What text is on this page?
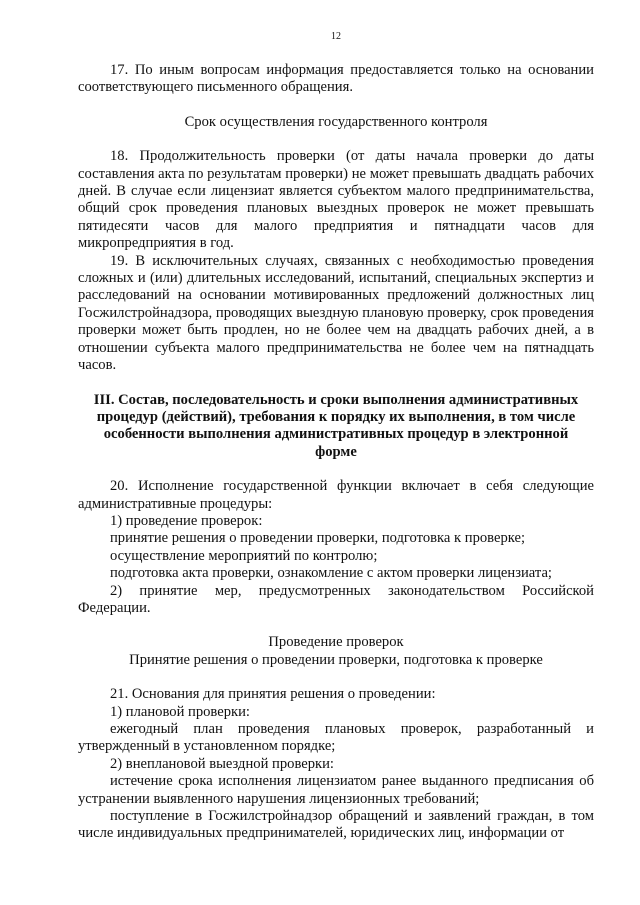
12

17. По иным вопросам информация предоставляется только на основании соответствующего письменного обращения.

Срок осуществления государственного контроля

18. Продолжительность проверки (от даты начала проверки до даты составления акта по результатам проверки) не может превышать двадцать рабочих дней. В случае если лицензиат является субъектом малого предпринимательства, общий срок проведения плановых выездных проверок не может превышать пятидесяти часов для малого предприятия и пятнадцати часов для микропредприятия в год.

19. В исключительных случаях, связанных с необходимостью проведения сложных и (или) длительных исследований, испытаний, специальных экспертиз и расследований на основании мотивированных предложений должностных лиц Госжилстройнадзора, проводящих выездную плановую проверку, срок проведения проверки может быть продлен, но не более чем на двадцать рабочих дней, а в отношении субъекта малого предпринимательства не более чем на пятнадцать часов.

III. Состав, последовательность и сроки выполнения административных процедур (действий), требования к порядку их выполнения, в том числе особенности выполнения административных процедур в электронной форме

20. Исполнение государственной функции включает в себя следующие административные процедуры:

1) проведение проверок:

принятие решения о проведении проверки, подготовка к проверке;

осуществление мероприятий по контролю;

подготовка акта проверки, ознакомление с актом проверки лицензиата;

2) принятие мер, предусмотренных законодательством Российской Федерации.

Проведение проверок

Принятие решения о проведении проверки, подготовка к проверке

21. Основания для принятия решения о проведении:

1) плановой проверки:

ежегодный план проведения плановых проверок, разработанный и утвержденный в установленном порядке;

2) внеплановой выездной проверки:

истечение срока исполнения лицензиатом ранее выданного предписания об устранении выявленного нарушения лицензионных требований;

поступление в Госжилстройнадзор обращений и заявлений граждан, в том числе индивидуальных предпринимателей, юридических лиц, информации от
